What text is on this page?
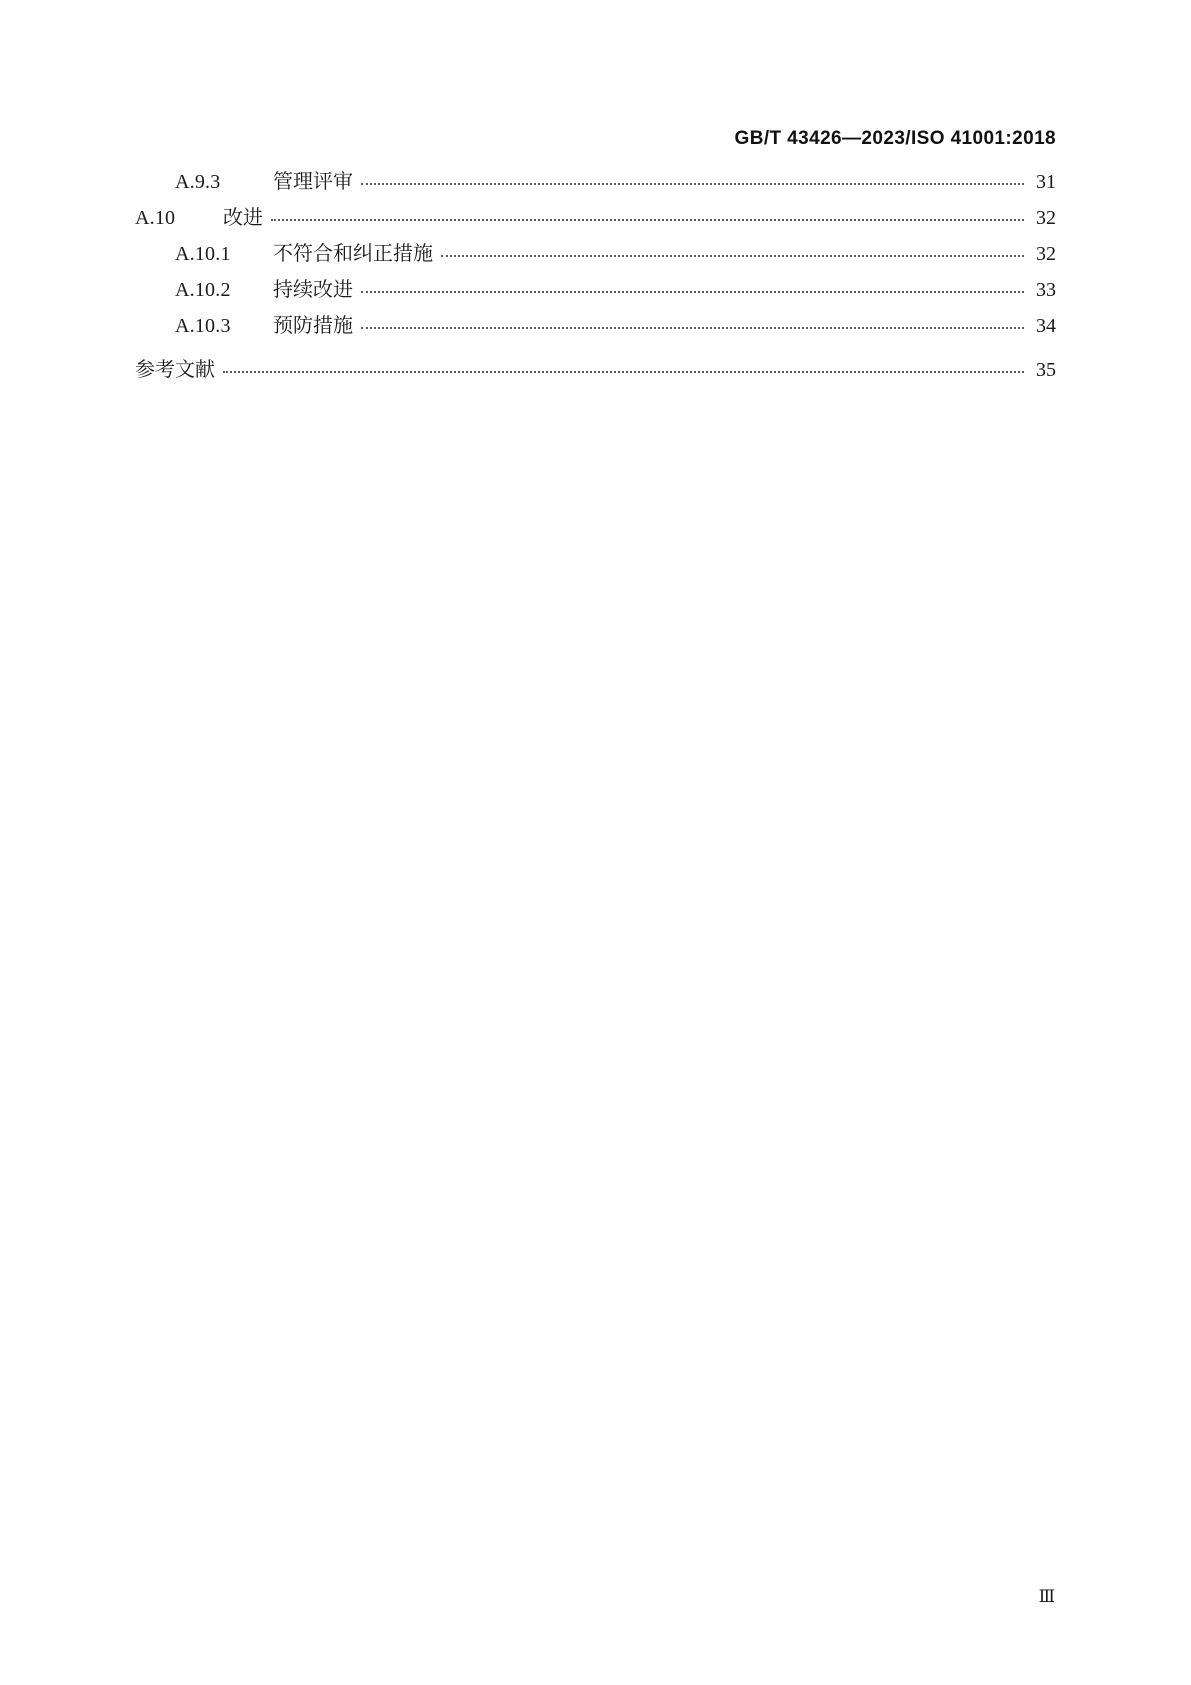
GB/T 43426—2023/ISO 41001:2018
A.9.3	管理评审	31
A.10	改进	32
A.10.1	不符合和纠正措施	32
A.10.2	持续改进	33
A.10.3	预防措施	34
参考文献	35
Ⅲ
